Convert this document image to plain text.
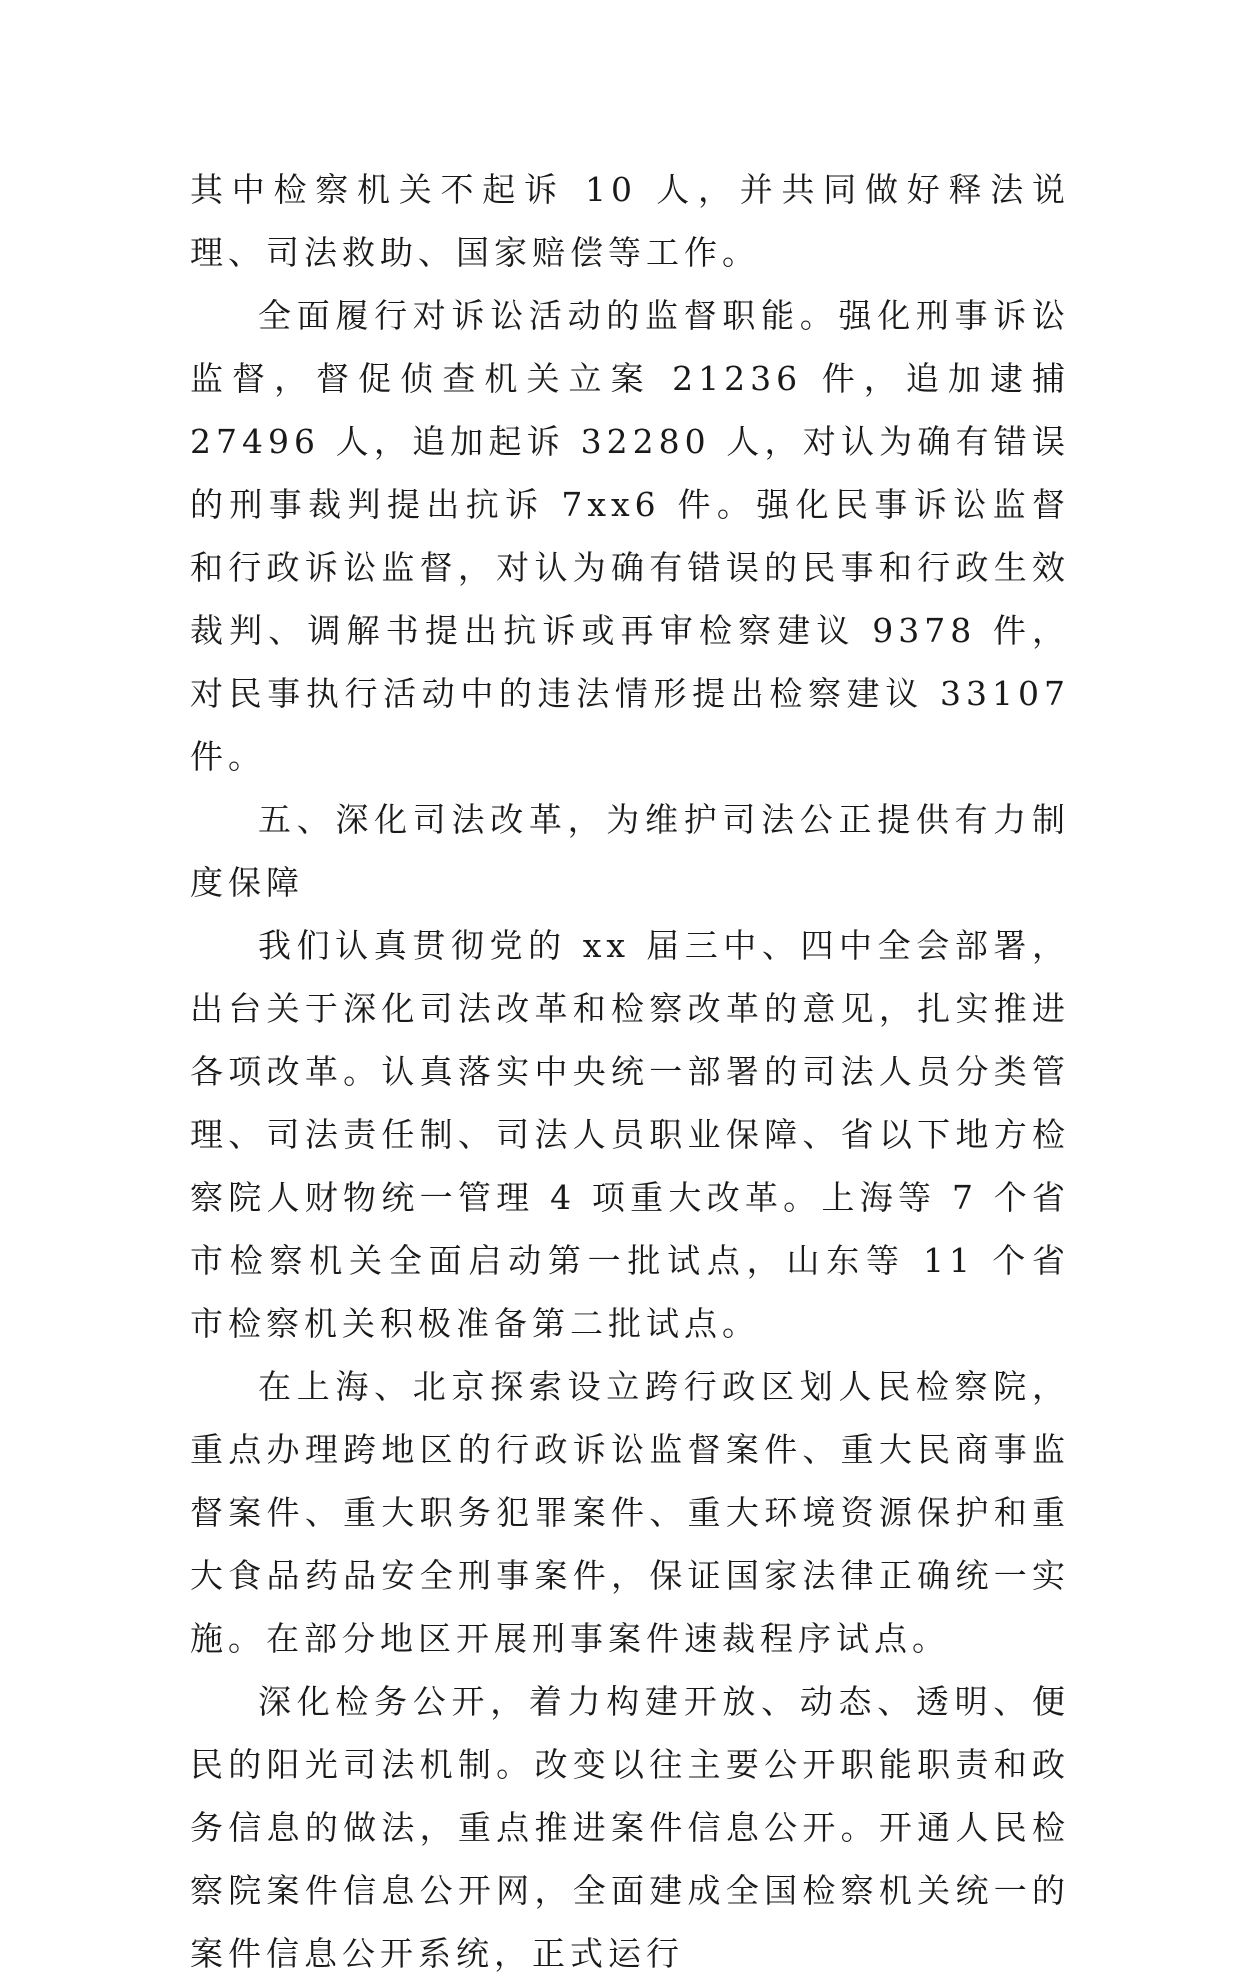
其中检察机关不起诉 10 人，并共同做好释法说理、司法救助、国家赔偿等工作。

全面履行对诉讼活动的监督职能。强化刑事诉讼监督，督促侦查机关立案 21236 件，追加逮捕 27496 人，追加起诉 32280 人，对认为确有错误的刑事裁判提出抗诉 7xx6 件。强化民事诉讼监督和行政诉讼监督，对认为确有错误的民事和行政生效裁判、调解书提出抗诉或再审检察建议 9378 件，对民事执行活动中的违法情形提出检察建议 33107 件。

五、深化司法改革，为维护司法公正提供有力制度保障

我们认真贯彻党的 xx 届三中、四中全会部署，出台关于深化司法改革和检察改革的意见，扎实推进各项改革。认真落实中央统一部署的司法人员分类管理、司法责任制、司法人员职业保障、省以下地方检察院人财物统一管理 4 项重大改革。上海等 7 个省市检察机关全面启动第一批试点，山东等 11 个省市检察机关积极准备第二批试点。

在上海、北京探索设立跨行政区划人民检察院，重点办理跨地区的行政诉讼监督案件、重大民商事监督案件、重大职务犯罪案件、重大环境资源保护和重大食品药品安全刑事案件，保证国家法律正确统一实施。在部分地区开展刑事案件速裁程序试点。

深化检务公开，着力构建开放、动态、透明、便民的阳光司法机制。改变以往主要公开职能职责和政务信息的做法，重点推进案件信息公开。开通人民检察院案件信息公开网，全面建成全国检察机关统一的案件信息公开系统，正式运行
